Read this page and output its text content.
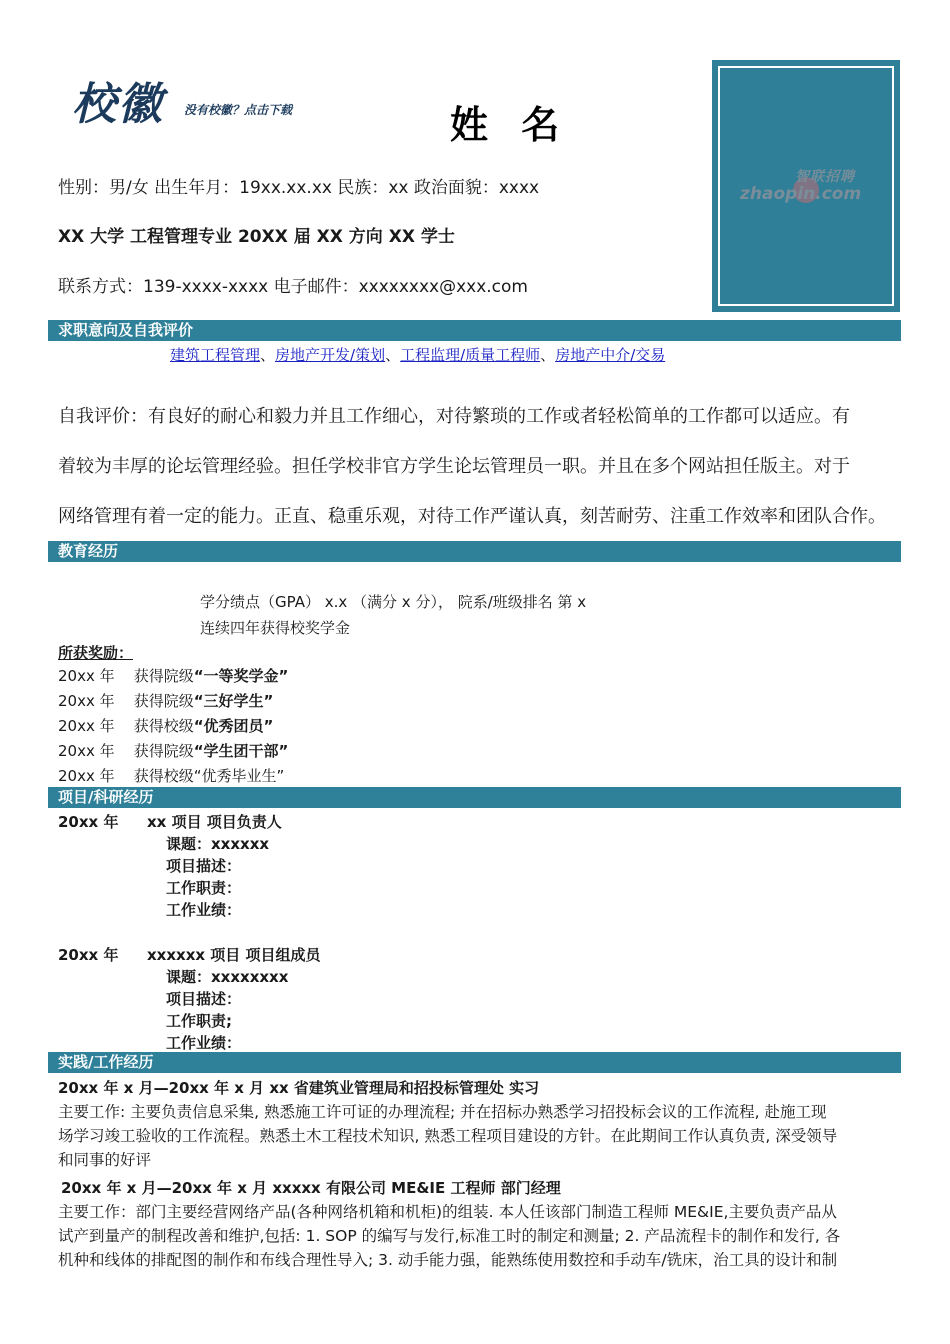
校徽 没有校徽？点击下载	姓 名
性别：男/女 出生年月：19xx.xx.xx 民族：xx 政治面貌：xxxx
XX 大学 工程管理专业 20XX 届 XX 方向 XX 学士
联系方式：139-xxxx-xxxx 电子邮件：xxxxxxxx@xxx.com
智联招聘
zhaopin.com
求职意向及自我评价
建筑工程管理、房地产开发/策划、工程监理/质量工程师、房地产中介/交易
自我评价：有良好的耐心和毅力并且工作细心，对待繁琐的工作或者轻松简单的工作都可以适应。有
着较为丰厚的论坛管理经验。担任学校非官方学生论坛管理员一职。并且在多个网站担任版主。对于
网络管理有着一定的能力。正直、稳重乐观，对待工作严谨认真，刻苦耐劳、注重工作效率和团队合作。
教育经历
学分绩点（GPA） x.x （满分 x 分）， 院系/班级排名 第 x
连续四年获得校奖学金
所获奖励：
20xx 年 获得院级“一等奖学金”
20xx 年 获得院级“三好学生”
20xx 年 获得校级“优秀团员”
20xx 年 获得院级“学生团干部”
20xx 年 获得校级“优秀毕业生”
项目/科研经历
20xx 年 xx 项目 项目负责人
课题：xxxxxx
项目描述：
工作职责：
工作业绩：
20xx 年 xxxxxx 项目 项目组成员
课题：xxxxxxxx
项目描述：
工作职责;
工作业绩：
实践/工作经历
20xx 年 x 月—20xx 年 x 月 xx 省建筑业管理局和招投标管理处 实习
主要工作: 主要负责信息采集, 熟悉施工许可证的办理流程; 并在招标办熟悉学习招投标会议的工作流程, 赴施工现
场学习竣工验收的工作流程。熟悉土木工程技术知识, 熟悉工程项目建设的方针。在此期间工作认真负责, 深受领导
和同事的好评
20xx 年 x 月—20xx 年 x 月 xxxxx 有限公司 ME&IE 工程师 部门经理
主要工作：部门主要经营网络产品(各种网络机箱和机柜)的组装. 本人任该部门制造工程师 ME&IE,主要负责产品从
试产到量产的制程改善和维护,包括: 1. SOP 的编写与发行,标准工时的制定和测量; 2. 产品流程卡的制作和发行, 各
机种和线体的排配图的制作和布线合理性导入; 3. 动手能力强，能熟练使用数控和手动车/铣床，治工具的设计和制
